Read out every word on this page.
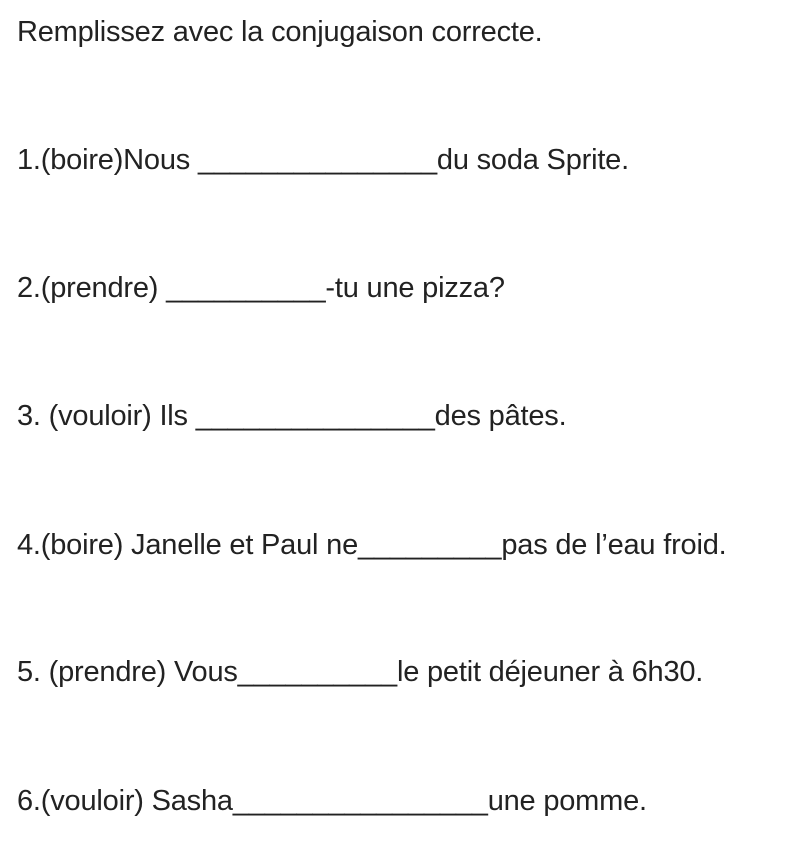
Remplissez avec la conjugaison correcte.
1.(boire)Nous _______________du soda Sprite.
2.(prendre) __________-tu une pizza?
3. (vouloir) Ils _______________des pâtes.
4.(boire) Janelle et Paul ne_________pas de l’eau froid.
5. (prendre) Vous__________le petit déjeuner à 6h30.
6.(vouloir) Sasha________________une pomme.
